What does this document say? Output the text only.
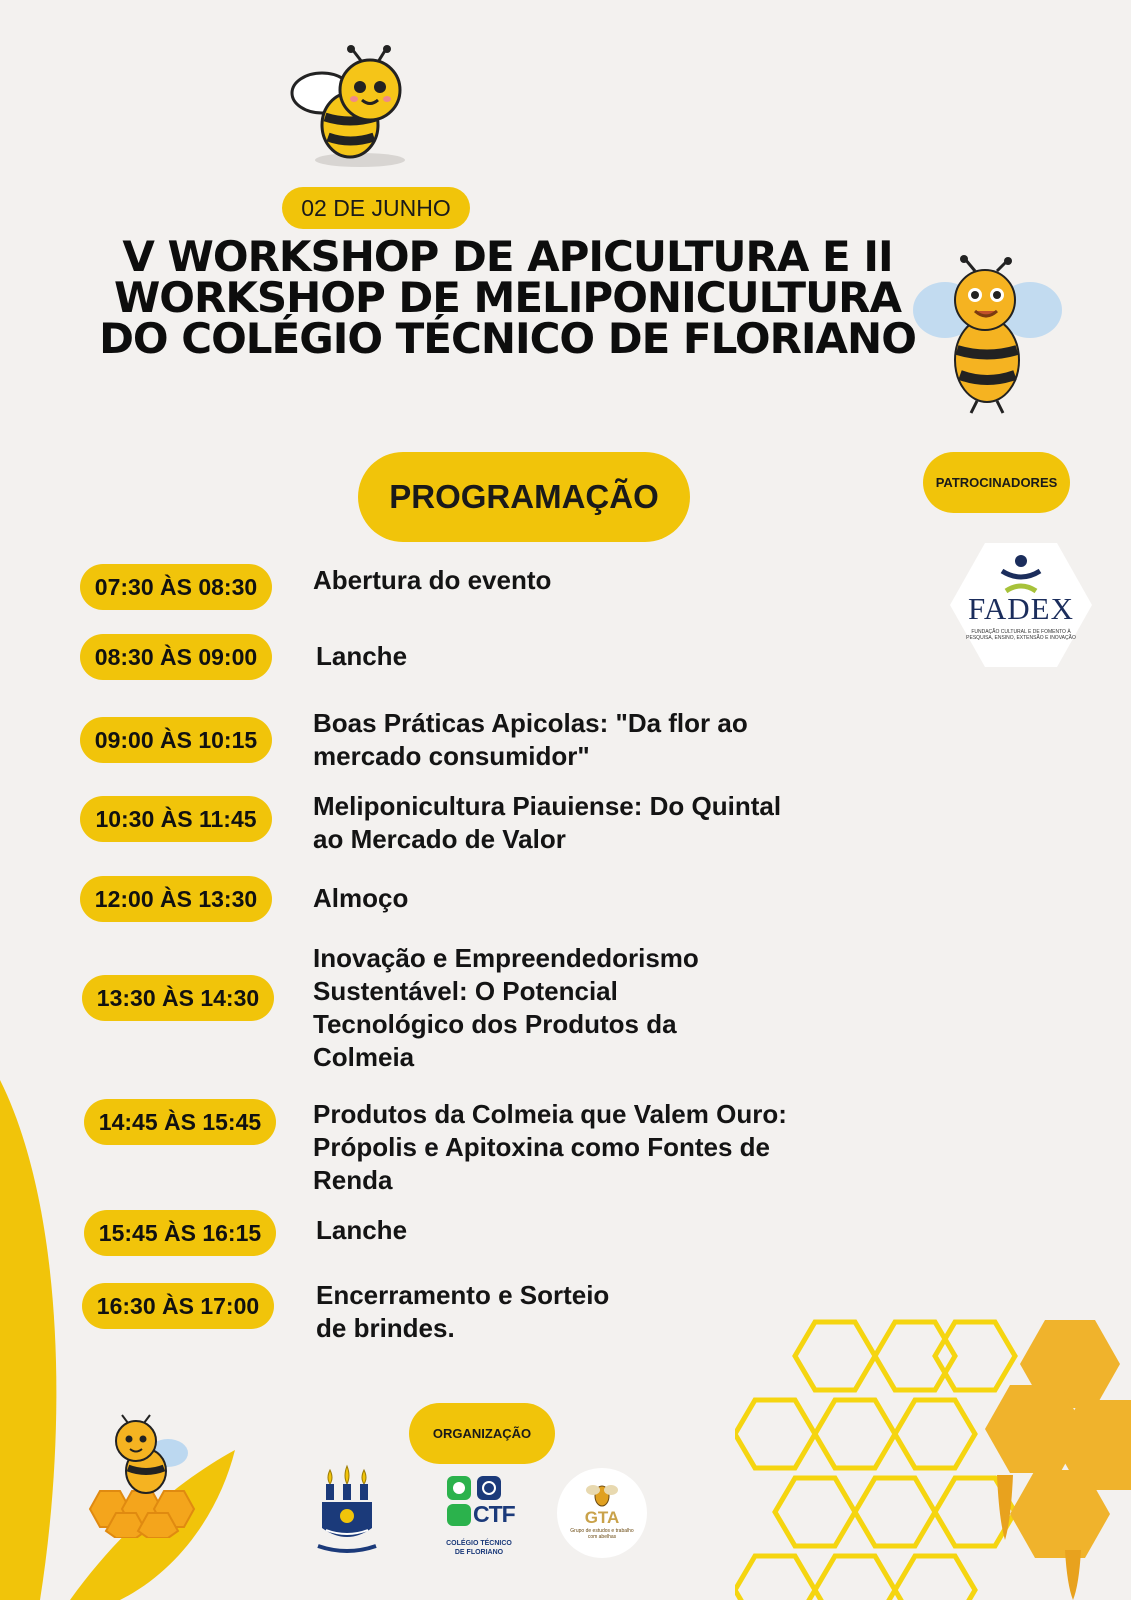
02 DE JUNHO
V WORKSHOP DE APICULTURA E II
WORKSHOP DE MELIPONICULTURA
DO COLÉGIO TÉCNICO DE FLORIANO
PROGRAMAÇÃO	PATROCINADORES
FADEX
FUNDAÇÃO CULTURAL E DE FOMENTO À PESQUISA, ENSINO, EXTENSÃO E INOVAÇÃO
07:30 ÀS 08:30	Abertura do evento
08:30 ÀS 09:00	Lanche
09:00 ÀS 10:15
Boas Práticas Apicolas: "Da flor ao
mercado consumidor"
10:30 ÀS 11:45	Meliponicultura Piauiense: Do Quintal
ao Mercado de Valor
12:00 ÀS 13:30	Almoço
13:30 ÀS 14:30
Inovação e Empreendedorismo
Sustentável: O Potencial
Tecnológico dos Produtos da
Colmeia
14:45 ÀS 15:45	Produtos da Colmeia que Valem Ouro:
Própolis e Apitoxina como Fontes de
Renda
15:45 ÀS 16:15	Lanche
16:30 ÀS 17:00	Encerramento e Sorteio
de brindes.
ORGANIZAÇÃO
CTF
COLÉGIO TÉCNICO
DE FLORIANO
GTA
Grupo de estudos e trabalho com abelhas
